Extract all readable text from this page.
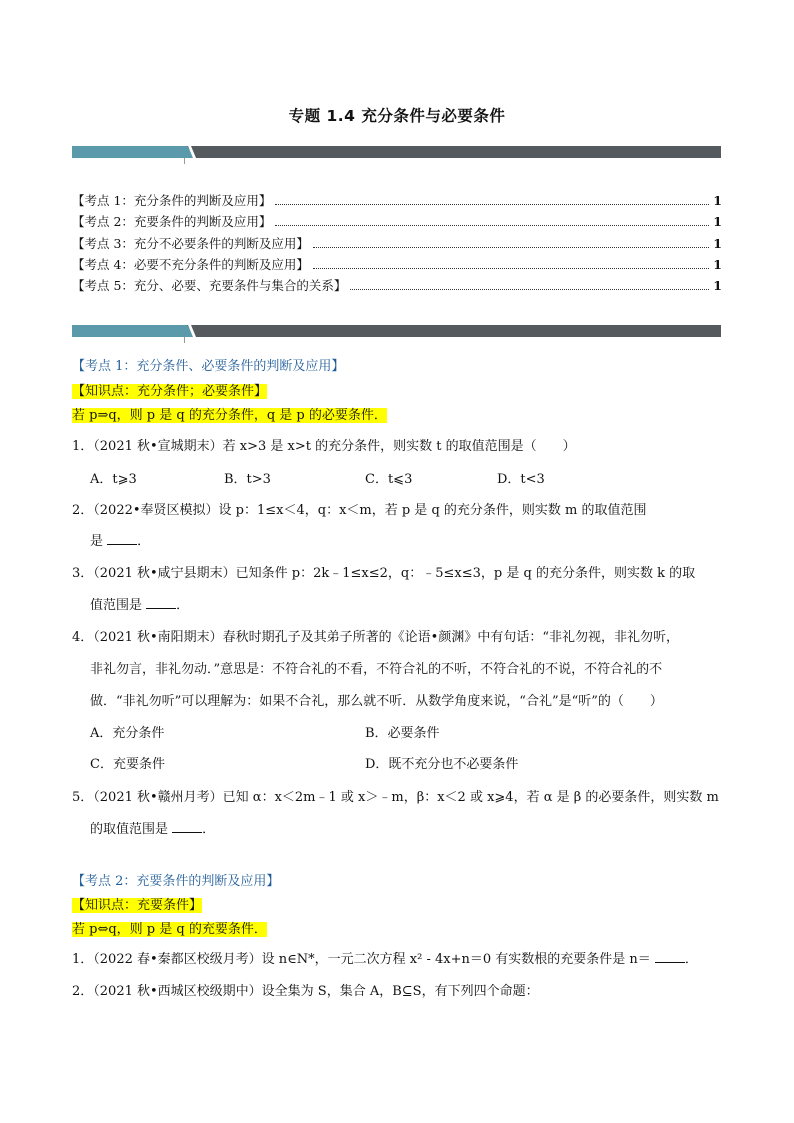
专题 1.4 充分条件与必要条件
【考点 1：充分条件的判断及应用】	1
【考点 2：充要条件的判断及应用】	1
【考点 3：充分不必要条件的判断及应用】	1
【考点 4：必要不充分条件的判断及应用】	1
【考点 5：充分、必要、充要条件与集合的关系】	1
【考点 1：充分条件、必要条件的判断及应用】
【知识点：充分条件；必要条件】
若 p⇒q，则 p 是 q 的充分条件，q 是 p 的必要条件．
1．（2021 秋•宣城期末）若 x>3 是 x>t 的充分条件，则实数 t 的取值范围是（　　）
A．t⩾3	B．t>3	C．t⩽3	D．t<3
2．（2022•奉贤区模拟）设 p：1≤x＜4，q：x＜m，若 p 是 q 的充分条件，则实数 m 的取值范围
是	．
3．（2021 秋•咸宁县期末）已知条件 p：2k﹣1≤x≤2，q：﹣5≤x≤3，p 是 q 的充分条件，则实数 k 的取
值范围是	．
4．（2021 秋•南阳期末）春秋时期孔子及其弟子所著的《论语•颜渊》中有句话：“非礼勿视，非礼勿听，
非礼勿言，非礼勿动．”意思是：不符合礼的不看，不符合礼的不听，不符合礼的不说，不符合礼的不
做．“非礼勿听”可以理解为：如果不合礼，那么就不听．从数学角度来说，“合礼”是“听”的（　　）
A．充分条件	B．必要条件
C．充要条件	D．既不充分也不必要条件
5．（2021 秋•赣州月考）已知 α：x＜2m﹣1 或 x＞﹣m，β：x＜2 或 x⩾4，若 α 是 β 的必要条件，则实数 m
的取值范围是	．
【考点 2：充要条件的判断及应用】
【知识点：充要条件】
若 p⇔q，则 p 是 q 的充要条件．
1．（2022 春•秦都区校级月考）设 n∈N*，一元二次方程 x² - 4x+n＝0 有实数根的充要条件是 n＝	．
2．（2021 秋•西城区校级期中）设全集为 S，集合 A，B⊆S，有下列四个命题：
